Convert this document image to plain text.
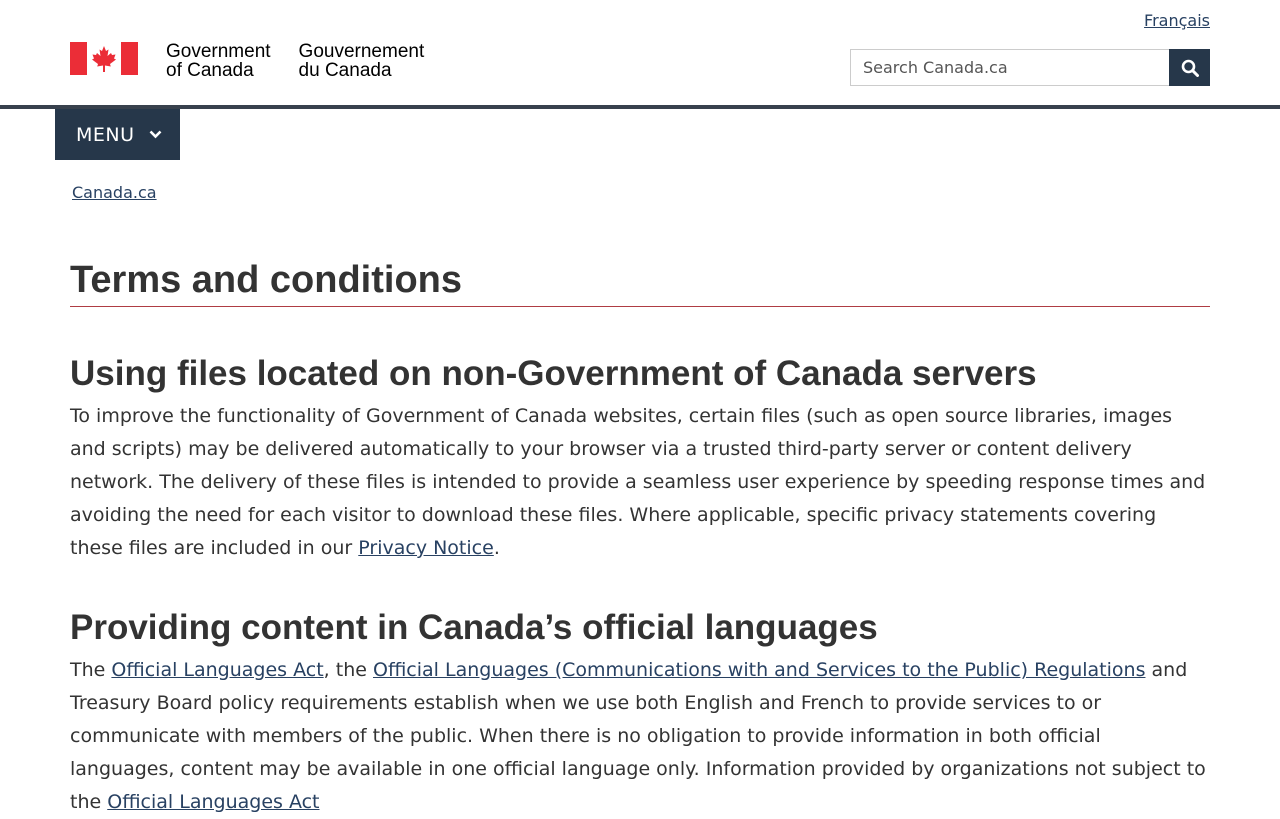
Français
Government
of Canada
Gouvernement
du Canada
Search Canada.ca
MENU
Canada.ca
Terms and conditions
Using files located on non-Government of Canada servers

To improve the functionality of Government of Canada websites, certain files (such as open source libraries, images and scripts) may be delivered automatically to your browser via a trusted third-party server or content delivery network. The delivery of these files is intended to provide a seamless user experience by speeding response times and avoiding the need for each visitor to download these files. Where applicable, specific privacy statements covering these files are included in our Privacy Notice.

Providing content in Canada’s official languages

The Official Languages Act, the Official Languages (Communications with and Services to the Public) Regulations and Treasury Board policy requirements establish when we use both English and French to provide services to or communicate with members of the public. When there is no obligation to provide information in both official languages, content may be available in one official language only. Information provided by organizations not subject to the Official Languages Act
